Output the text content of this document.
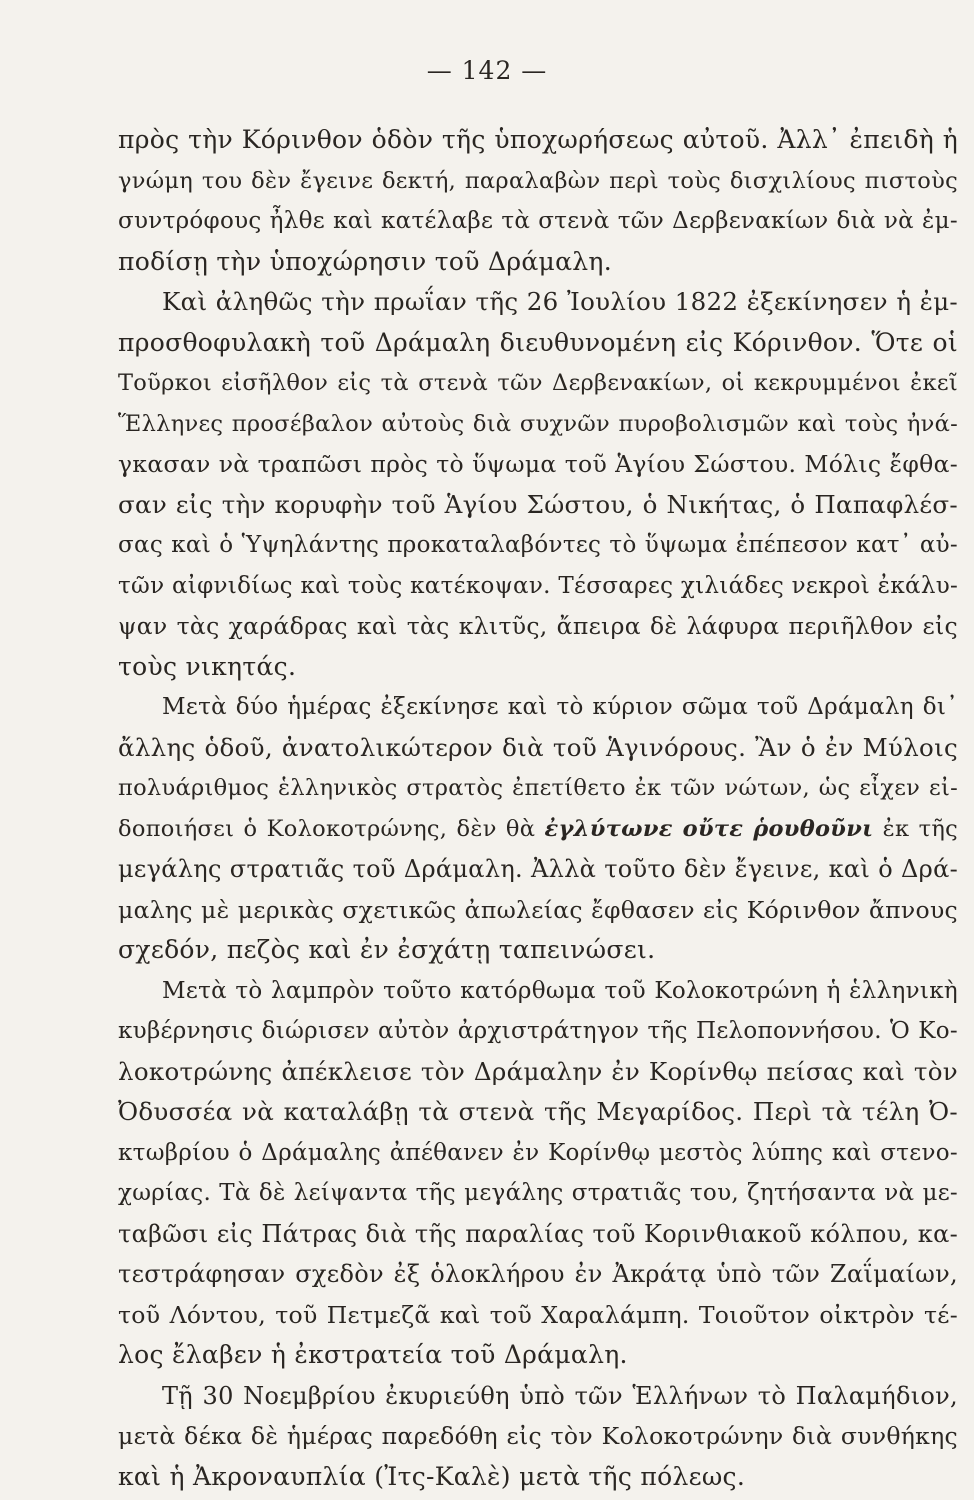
— 142 —
πρὸς τὴν Κόρινθον ὁδὸν τῆς ὑποχωρήσεως αὐτοῦ. Ἀλλ᾿ ἐπειδὴ ἡ
γνώμη του δὲν ἔγεινε δεκτή, παραλαβὼν περὶ τοὺς δισχιλίους πιστοὺς
συντρόφους ἦλθε καὶ κατέλαβε τὰ στενὰ τῶν Δερβενακίων διὰ νὰ ἐμ-
ποδίσῃ τὴν ὑποχώρησιν τοῦ Δράμαλη.
Καὶ ἀληθῶς τὴν πρωΐαν τῆς 26 Ἰουλίου 1822 ἐξεκίνησεν ἡ ἐμ-
προσθοφυλακὴ τοῦ Δράμαλη διευθυνομένη εἰς Κόρινθον. Ὅτε οἱ
Τοῦρκοι εἰσῆλθον εἰς τὰ στενὰ τῶν Δερβενακίων, οἱ κεκρυμμένοι ἐκεῖ
Ἕλληνες προσέβαλον αὐτοὺς διὰ συχνῶν πυροβολισμῶν καὶ τοὺς ἠνά-
γκασαν νὰ τραπῶσι πρὸς τὸ ὕψωμα τοῦ Ἁγίου Σώστου. Μόλις ἔφθα-
σαν εἰς τὴν κορυφὴν τοῦ Ἁγίου Σώστου, ὁ Νικήτας, ὁ Παπαφλέσ-
σας καὶ ὁ Ὑψηλάντης προκαταλαβόντες τὸ ὕψωμα ἐπέπεσον κατ᾿ αὐ-
τῶν αἰφνιδίως καὶ τοὺς κατέκοψαν. Τέσσαρες χιλιάδες νεκροὶ ἐκάλυ-
ψαν τὰς χαράδρας καὶ τὰς κλιτῦς, ἄπειρα δὲ λάφυρα περιῆλθον εἰς
τοὺς νικητάς.
Μετὰ δύο ἡμέρας ἐξεκίνησε καὶ τὸ κύριον σῶμα τοῦ Δράμαλη δι᾿
ἄλλης ὁδοῦ, ἀνατολικώτερον διὰ τοῦ Ἁγινόρους. Ἂν ὁ ἐν Μύλοις
πολυάριθμος ἑλληνικὸς στρατὸς ἐπετίθετο ἐκ τῶν νώτων, ὡς εἶχεν εἰ-
δοποιήσει ὁ Κολοκοτρώνης, δὲν θὰ ἐγλύτωνε οὔτε ῥουθοῦνι ἐκ τῆς
μεγάλης στρατιᾶς τοῦ Δράμαλη. Ἀλλὰ τοῦτο δὲν ἔγεινε, καὶ ὁ Δρά-
μαλης μὲ μερικὰς σχετικῶς ἀπωλείας ἔφθασεν εἰς Κόρινθον ἄπνους
σχεδόν, πεζὸς καὶ ἐν ἐσχάτῃ ταπεινώσει.
Μετὰ τὸ λαμπρὸν τοῦτο κατόρθωμα τοῦ Κολοκοτρώνη ἡ ἑλληνικὴ
κυβέρνησις διώρισεν αὐτὸν ἀρχιστράτηγον τῆς Πελοποννήσου. Ὁ Κο-
λοκοτρώνης ἀπέκλεισε τὸν Δράμαλην ἐν Κορίνθῳ πείσας καὶ τὸν
Ὀδυσσέα νὰ καταλάβῃ τὰ στενὰ τῆς Μεγαρίδος. Περὶ τὰ τέλη Ὀ-
κτωβρίου ὁ Δράμαλης ἀπέθανεν ἐν Κορίνθῳ μεστὸς λύπης καὶ στενο-
χωρίας. Τὰ δὲ λείψαντα τῆς μεγάλης στρατιᾶς του, ζητήσαντα νὰ με-
ταβῶσι εἰς Πάτρας διὰ τῆς παραλίας τοῦ Κορινθιακοῦ κόλπου, κα-
τεστράφησαν σχεδὸν ἐξ ὁλοκλήρου ἐν Ἀκράτᾳ ὑπὸ τῶν Ζαΐμαίων,
τοῦ Λόντου, τοῦ Πετμεζᾶ καὶ τοῦ Χαραλάμπη. Τοιοῦτον οἰκτρὸν τέ-
λος ἔλαβεν ἡ ἐκστρατεία τοῦ Δράμαλη.
Τῇ 30 Νοεμβρίου ἐκυριεύθη ὑπὸ τῶν Ἑλλήνων τὸ Παλαμήδιον,
μετὰ δέκα δὲ ἡμέρας παρεδόθη εἰς τὸν Κολοκοτρώνην διὰ συνθήκης
καὶ ἡ Ἀκροναυπλία (Ἰτς-Καλὲ) μετὰ τῆς πόλεως.
